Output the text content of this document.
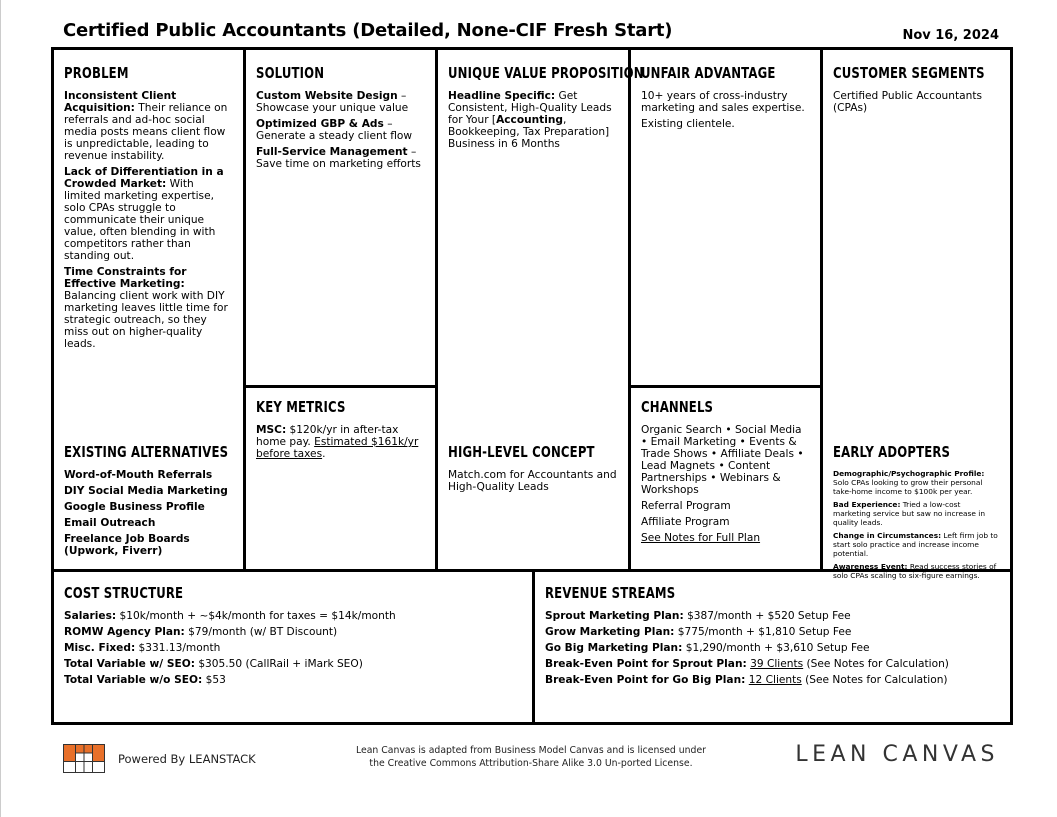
Certified Public Accountants (Detailed, None-CIF Fresh Start)	Nov 16, 2024
PROBLEM

Inconsistent Client Acquisition: Their reliance on referrals and ad-hoc social media posts means client flow is unpredictable, leading to revenue instability.

Lack of Differentiation in a Crowded Market: With limited marketing expertise, solo CPAs struggle to communicate their unique value, often blending in with competitors rather than standing out.

Time Constraints for Effective Marketing: Balancing client work with DIY marketing leaves little time for strategic outreach, so they miss out on higher-quality leads.

EXISTING ALTERNATIVES

Word-of-Mouth Referrals

DIY Social Media Marketing

Google Business Profile

Email Outreach

Freelance Job Boards (Upwork, Fiverr)

SOLUTION

Custom Website Design – Showcase your unique value

Optimized GBP & Ads – Generate a steady client flow

Full-Service Management – Save time on marketing efforts

KEY METRICS

MSC: $120k/yr in after-tax home pay. Estimated $161k/yr before taxes.

UNIQUE VALUE PROPOSITION

Headline Specific: Get Consistent, High-Quality Leads for Your [Accounting, Bookkeeping, Tax Preparation] Business in 6 Months

HIGH-LEVEL CONCEPT

Match.com for Accountants and High-Quality Leads

UNFAIR ADVANTAGE

10+ years of cross-industry marketing and sales expertise.

Existing clientele.

CHANNELS

Organic Search • Social Media • Email Marketing • Events & Trade Shows • Affiliate Deals • Lead Magnets • Content Partnerships • Webinars & Workshops

Referral Program

Affiliate Program

See Notes for Full Plan

CUSTOMER SEGMENTS

Certified Public Accountants (CPAs)

EARLY ADOPTERS

Demographic/Psychographic Profile: Solo CPAs looking to grow their personal take-home income to $100k per year.

Bad Experience: Tried a low-cost marketing service but saw no increase in quality leads.

Change in Circumstances: Left firm job to start solo practice and increase income potential.

Awareness Event: Read success stories of solo CPAs scaling to six-figure earnings.

COST STRUCTURE

Salaries: $10k/month + ~$4k/month for taxes = $14k/month

ROMW Agency Plan: $79/month (w/ BT Discount)

Misc. Fixed: $331.13/month

Total Variable w/ SEO: $305.50 (CallRail + iMark SEO)

Total Variable w/o SEO: $53

REVENUE STREAMS

Sprout Marketing Plan: $387/month + $520 Setup Fee

Grow Marketing Plan: $775/month + $1,810 Setup Fee

Go Big Marketing Plan: $1,290/month + $3,610 Setup Fee

Break-Even Point for Sprout Plan: 39 Clients (See Notes for Calculation)

Break-Even Point for Go Big Plan: 12 Clients (See Notes for Calculation)

Powered By LEANSTACK
Lean Canvas is adapted from Business Model Canvas and is licensed under
the Creative Commons Attribution-Share Alike 3.0 Un-ported License.	LEAN CANVAS
